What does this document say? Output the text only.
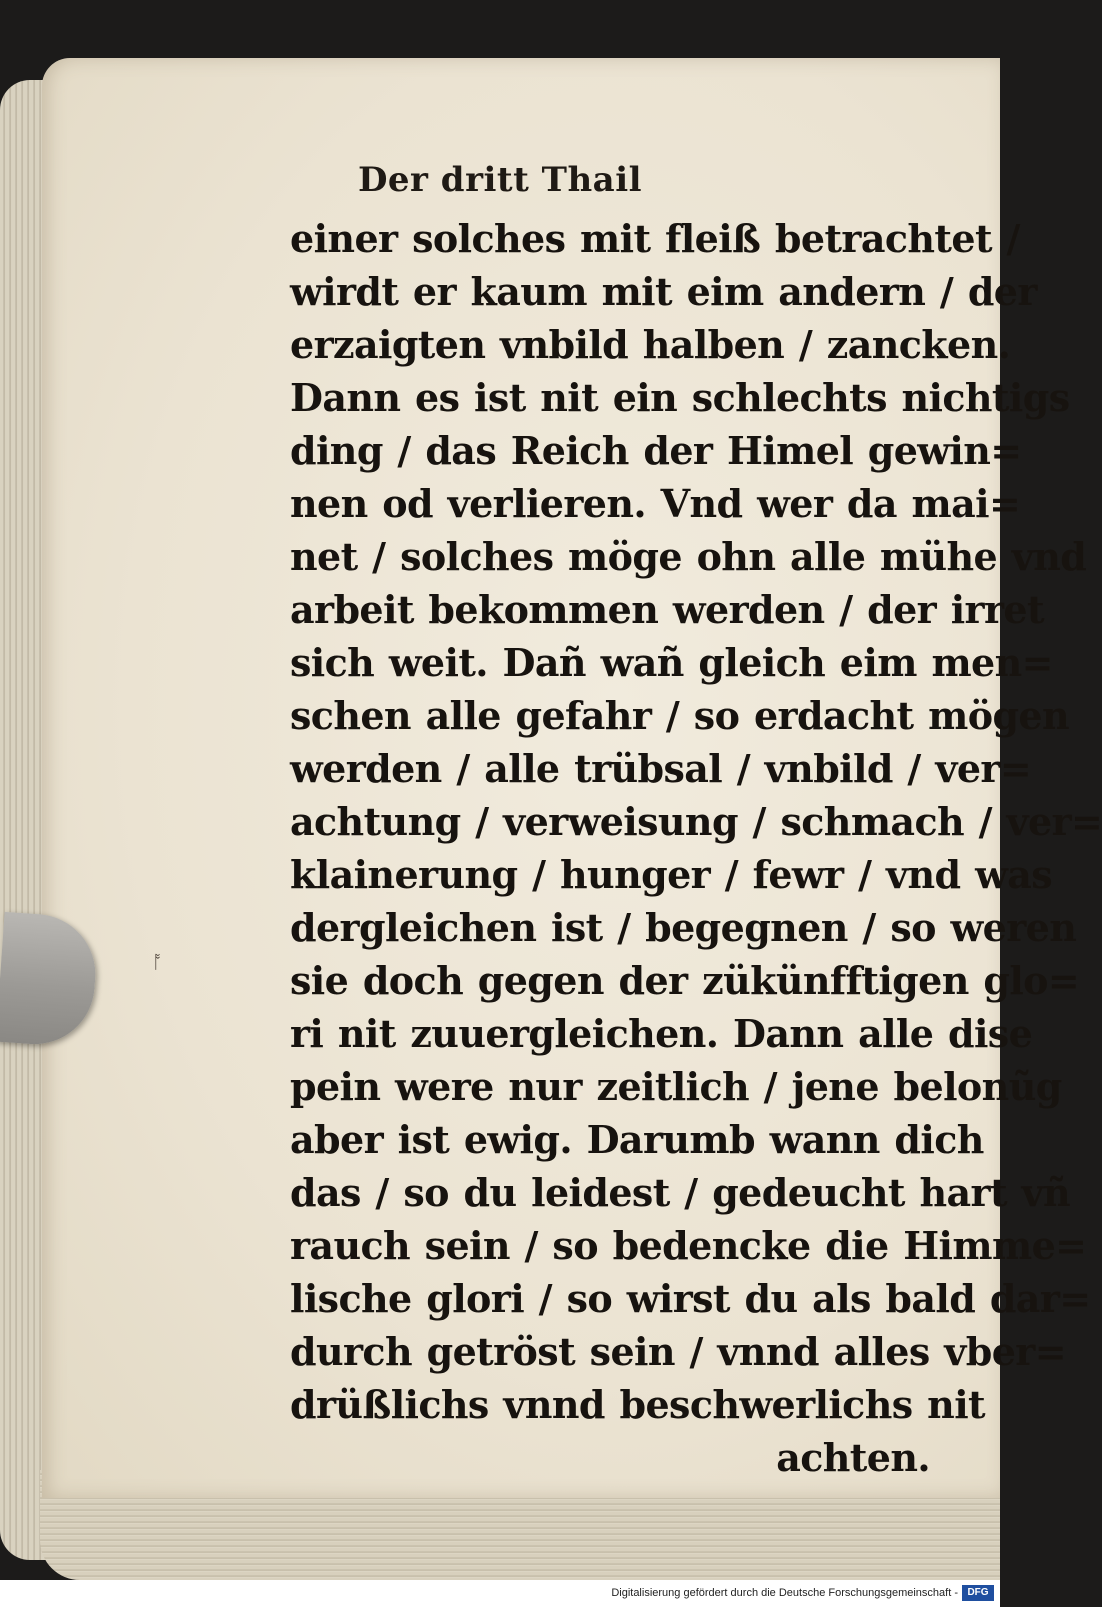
ᚩ
Der dritt Thail
einer solches mit fleiß betrachtet /
wirdt er kaum mit eim andern / der
erzaigten vnbild halben / zancken.
Dann es ist nit ein schlechts nichtigs
ding / das Reich der Himel gewin=
nen od verlieren. Vnd wer da mai=
net / solches möge ohn alle mühe vnd
arbeit bekommen werden / der irret
sich weit. Dañ wañ gleich eim men=
schen alle gefahr / so erdacht mögen
werden / alle trübsal / vnbild / ver=
achtung / verweisung / schmach / ver=
klainerung / hunger / fewr / vnd was
dergleichen ist / begegnen / so weren
sie doch gegen der zükünfftigen glo=
ri nit zuuergleichen. Dann alle dise
pein were nur zeitlich / jene belonũg
aber ist ewig. Darumb wann dich
das / so du leidest / gedeucht hart vñ
rauch sein / so bedencke die Himme=
lische glori / so wirst du als bald dar=
durch getröst sein / vnnd alles vber=
drüßlichs vnnd beschwerlichs nit
achten.
Digitalisierung gefördert durch die Deutsche Forschungsgemeinschaft - DFG
